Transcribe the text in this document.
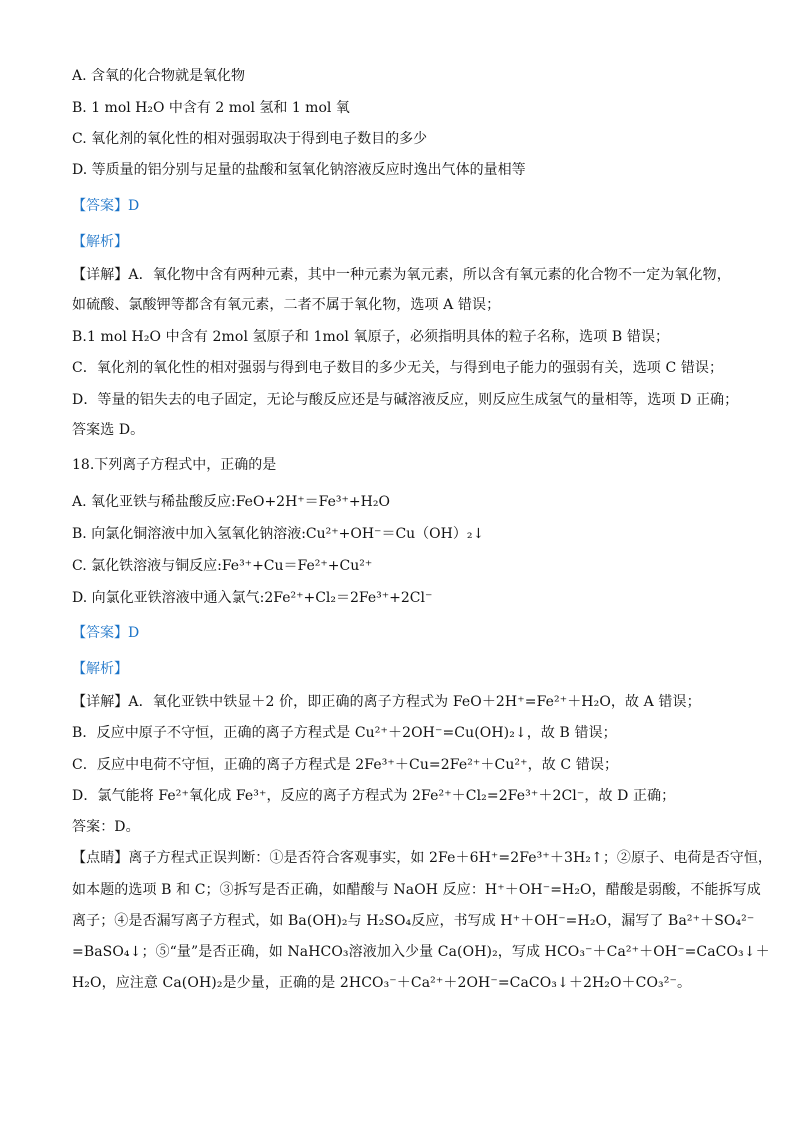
A. 含氧的化合物就是氧化物
B. 1 mol H₂O 中含有 2 mol 氢和 1 mol 氧
C. 氧化剂的氧化性的相对强弱取决于得到电子数目的多少
D. 等质量的铝分别与足量的盐酸和氢氧化钠溶液反应时逸出气体的量相等
【答案】D
【解析】
【详解】A．氧化物中含有两种元素，其中一种元素为氧元素，所以含有氧元素的化合物不一定为氧化物，
如硫酸、氯酸钾等都含有氧元素，二者不属于氧化物，选项 A 错误；
B.1 mol H₂O 中含有 2mol 氢原子和 1mol 氧原子，必须指明具体的粒子名称，选项 B 错误；
C．氧化剂的氧化性的相对强弱与得到电子数目的多少无关，与得到电子能力的强弱有关，选项 C 错误；
D．等量的铝失去的电子固定，无论与酸反应还是与碱溶液反应，则反应生成氢气的量相等，选项 D 正确；
答案选 D。
18.下列离子方程式中，正确的是
A. 氧化亚铁与稀盐酸反应:FeO+2H⁺＝Fe³⁺+H₂O
B. 向氯化铜溶液中加入氢氧化钠溶液:Cu²⁺+OH⁻＝Cu（OH）₂↓
C. 氯化铁溶液与铜反应:Fe³⁺+Cu＝Fe²⁺+Cu²⁺
D. 向氯化亚铁溶液中通入氯气:2Fe²⁺+Cl₂＝2Fe³⁺+2Cl⁻
【答案】D
【解析】
【详解】A．氧化亚铁中铁显＋2 价，即正确的离子方程式为 FeO＋2H⁺=Fe²⁺＋H₂O，故 A 错误；
B．反应中原子不守恒，正确的离子方程式是 Cu²⁺＋2OH⁻=Cu(OH)₂↓，故 B 错误；
C．反应中电荷不守恒，正确的离子方程式是 2Fe³⁺＋Cu=2Fe²⁺＋Cu²⁺，故 C 错误；
D．氯气能将 Fe²⁺氧化成 Fe³⁺，反应的离子方程式为 2Fe²⁺＋Cl₂=2Fe³⁺＋2Cl⁻，故 D 正确；
答案：D。
【点睛】离子方程式正误判断：①是否符合客观事实，如 2Fe＋6H⁺=2Fe³⁺＋3H₂↑；②原子、电荷是否守恒，
如本题的选项 B 和 C；③拆写是否正确，如醋酸与 NaOH 反应：H⁺＋OH⁻=H₂O，醋酸是弱酸，不能拆写成
离子；④是否漏写离子方程式，如 Ba(OH)₂与 H₂SO₄反应，书写成 H⁺＋OH⁻=H₂O，漏写了 Ba²⁺＋SO₄²⁻
=BaSO₄↓；⑤“量”是否正确，如 NaHCO₃溶液加入少量 Ca(OH)₂，写成 HCO₃⁻＋Ca²⁺＋OH⁻=CaCO₃↓＋
H₂O，应注意 Ca(OH)₂是少量，正确的是 2HCO₃⁻＋Ca²⁺＋2OH⁻=CaCO₃↓＋2H₂O＋CO₃²⁻。
